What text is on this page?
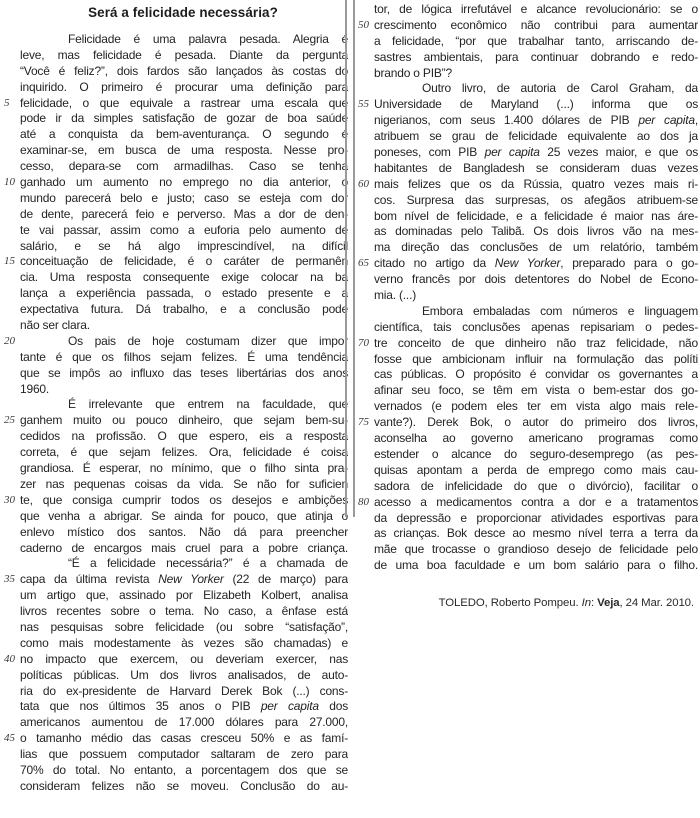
Será a felicidade necessária?
Felicidade é uma palavra pesada. Alegria é
leve, mas felicidade é pesada. Diante da pergunta
“Você é feliz?”, dois fardos são lançados às costas do
inquirido. O primeiro é procurar uma definição para
5 felicidade, o que equivale a rastrear uma escala que
pode ir da simples satisfação de gozar de boa saúde
até a conquista da bem-aventurança. O segundo é
examinar-se, em busca de uma resposta. Nesse pro-
cesso, depara-se com armadilhas. Caso se tenha
10 ganhado um aumento no emprego no dia anterior, o
mundo parecerá belo e justo; caso se esteja com dor
de dente, parecerá feio e perverso. Mas a dor de den-
te vai passar, assim como a euforia pelo aumento de
salário, e se há algo imprescindível, na difícil
15 conceituação de felicidade, é o caráter de permanên
cia. Uma resposta consequente exige colocar na ba
lança a experiência passada, o estado presente e a
expectativa futura. Dá trabalho, e a conclusão pode
não ser clara.
20	Os pais de hoje costumam dizer que impor
tante é que os filhos sejam felizes. É uma tendência
que se impôs ao influxo das teses libertárias dos anos
1960.
É irrelevante que entrem na faculdade, que
25 ganhem muito ou pouco dinheiro, que sejam bem-su-
cedidos na profissão. O que espero, eis a resposta
correta, é que sejam felizes. Ora, felicidade é coisa
grandiosa. É esperar, no mínimo, que o filho sinta pra-
zer nas pequenas coisas da vida. Se não for suficien
30 te, que consiga cumprir todos os desejos e ambições
que venha a abrigar. Se ainda for pouco, que atinja o
enlevo místico dos santos. Não dá para preencher
caderno de encargos mais cruel para a pobre criança.
“É a felicidade necessária?” é a chamada de
35 capa da última revista New Yorker (22 de março) para
um artigo que, assinado por Elizabeth Kolbert, analisa
livros recentes sobre o tema. No caso, a ênfase está
nas pesquisas sobre felicidade (ou sobre “satisfação”,
como mais modestamente às vezes são chamadas) e
40 no impacto que exercem, ou deveriam exercer, nas
políticas públicas. Um dos livros analisados, de auto-
ria do ex-presidente de Harvard Derek Bok (...) cons-
tata que nos últimos 35 anos o PIB per capita dos
americanos aumentou de 17.000 dólares para 27.000,
45 o tamanho médio das casas cresceu 50% e as famí-
lias que possuem computador saltaram de zero para
70% do total. No entanto, a porcentagem dos que se
consideram felizes não se moveu. Conclusão do au-
tor, de lógica irrefutável e alcance revolucionário: se o
50 crescimento econômico não contribui para aumentar
a felicidade, “por que trabalhar tanto, arriscando de-
sastres ambientais, para continuar dobrando e redo-
brando o PIB”?
Outro livro, de autoria de Carol Graham, da
55 Universidade de Maryland (...) informa que os
nigerianos, com seus 1.400 dólares de PIB per capita,
atribuem se grau de felicidade equivalente ao dos ja
poneses, com PIB per capita 25 vezes maior, e que os
habitantes de Bangladesh se consideram duas vezes
60 mais felizes que os da Rússia, quatro vezes mais ri-
cos. Surpresa das surpresas, os afegãos atribuem-se
bom nível de felicidade, e a felicidade é maior nas áre-
as dominadas pelo Talibã. Os dois livros vão na mes-
ma direção das conclusões de um relatório, também
65 citado no artigo da New Yorker, preparado para o go-
verno francês por dois detentores do Nobel de Econo-
mia. (...)
Embora embaladas com números e linguagem
científica, tais conclusões apenas repisariam o pedes-
70 tre conceito de que dinheiro não traz felicidade, não
fosse que ambicionam influir na formulação das políti
cas públicas. O propósito é convidar os governantes a
afinar seu foco, se têm em vista o bem-estar dos go-
vernados (e podem eles ter em vista algo mais rele-
75 vante?). Derek Bok, o autor do primeiro dos livros,
aconselha ao governo americano programas como
estender o alcance do seguro-desemprego (as pes-
quisas apontam a perda de emprego como mais cau-
sadora de infelicidade do que o divórcio), facilitar o
80 acesso a medicamentos contra a dor e a tratamentos
da depressão e proporcionar atividades esportivas para
as crianças. Bok desce ao mesmo nível terra a terra da
mãe que trocasse o grandioso desejo de felicidade pelo
de uma boa faculdade e um bom salário para o filho.
TOLEDO, Roberto Pompeu. In: Veja, 24 Mar. 2010.
